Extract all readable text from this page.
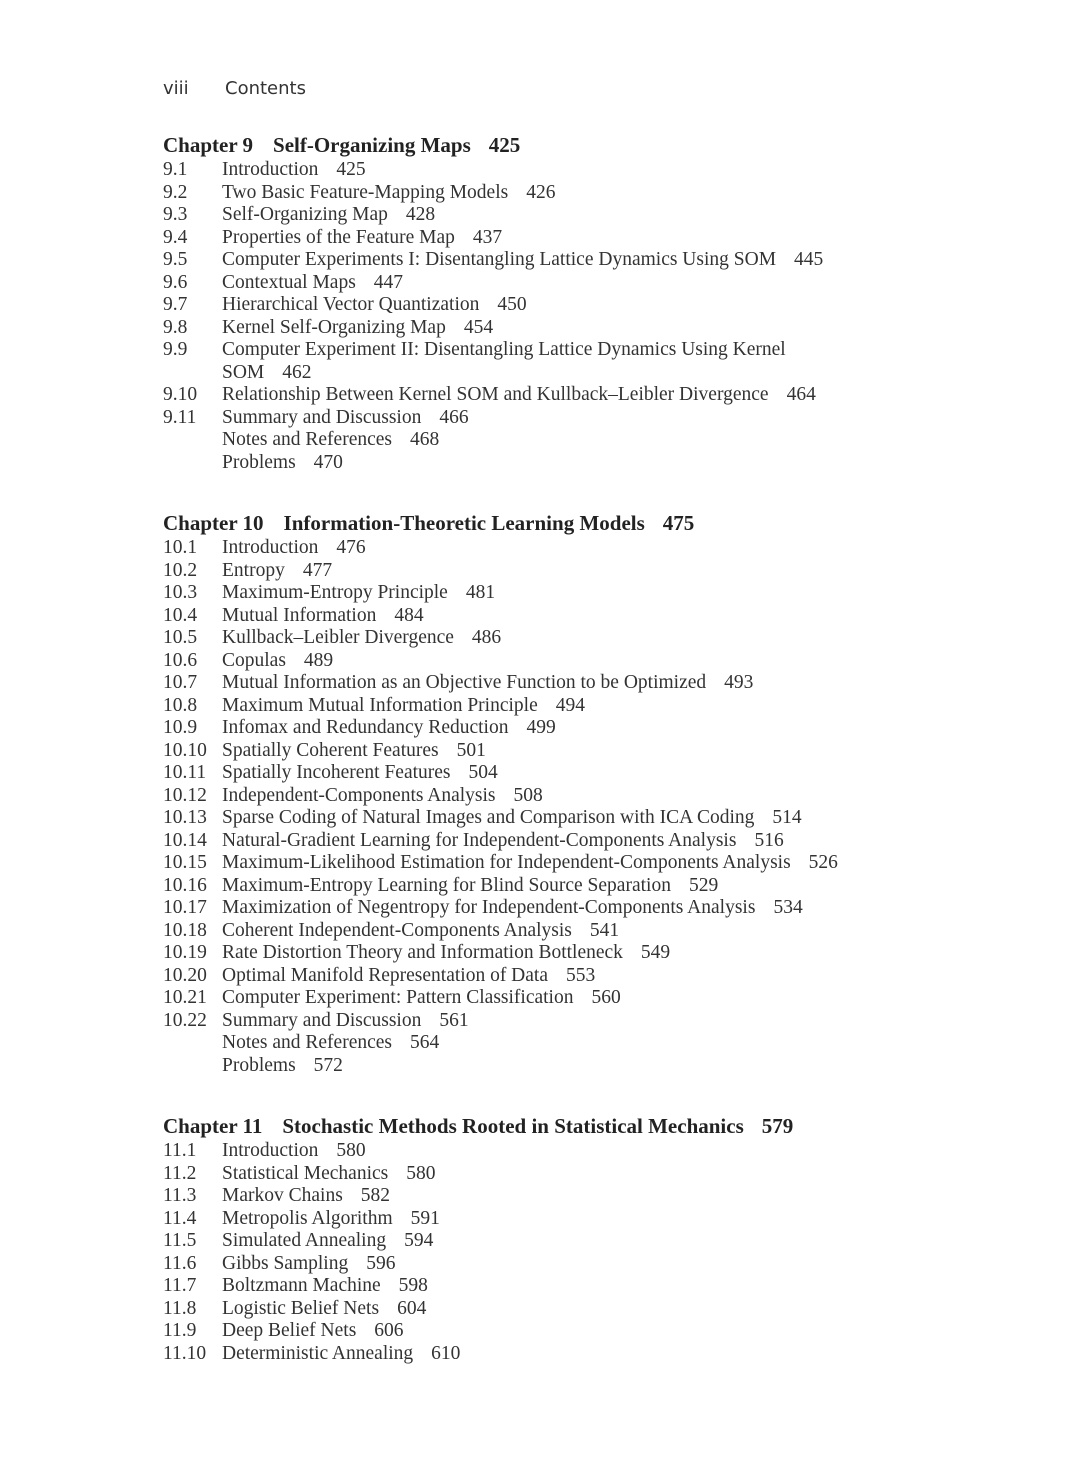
viii Contents
Chapter 9 Self-Organizing Maps 425
9.1	Introduction 425
9.2	Two Basic Feature-Mapping Models 426
9.3	Self-Organizing Map 428
9.4	Properties of the Feature Map 437
9.5	Computer Experiments I: Disentangling Lattice Dynamics Using SOM 445
9.6	Contextual Maps 447
9.7	Hierarchical Vector Quantization 450
9.8	Kernel Self-Organizing Map 454
9.9	Computer Experiment II: Disentangling Lattice Dynamics Using Kernel SOM 462
9.10	Relationship Between Kernel SOM and Kullback–Leibler Divergence 464
9.11	Summary and Discussion 466
Notes and References 468
Problems 470
Chapter 10 Information-Theoretic Learning Models 475
10.1	Introduction 476
10.2	Entropy 477
10.3	Maximum-Entropy Principle 481
10.4	Mutual Information 484
10.5	Kullback–Leibler Divergence 486
10.6	Copulas 489
10.7	Mutual Information as an Objective Function to be Optimized 493
10.8	Maximum Mutual Information Principle 494
10.9	Infomax and Redundancy Reduction 499
10.10 Spatially Coherent Features 501
10.11 Spatially Incoherent Features 504
10.12 Independent-Components Analysis 508
10.13 Sparse Coding of Natural Images and Comparison with ICA Coding 514
10.14 Natural-Gradient Learning for Independent-Components Analysis 516
10.15 Maximum-Likelihood Estimation for Independent-Components Analysis 526
10.16 Maximum-Entropy Learning for Blind Source Separation 529
10.17 Maximization of Negentropy for Independent-Components Analysis 534
10.18 Coherent Independent-Components Analysis 541
10.19 Rate Distortion Theory and Information Bottleneck 549
10.20 Optimal Manifold Representation of Data 553
10.21 Computer Experiment: Pattern Classification 560
10.22 Summary and Discussion 561
Notes and References 564
Problems 572
Chapter 11 Stochastic Methods Rooted in Statistical Mechanics 579
11.1	Introduction 580
11.2	Statistical Mechanics 580
11.3	Markov Chains 582
11.4	Metropolis Algorithm 591
11.5	Simulated Annealing 594
11.6	Gibbs Sampling 596
11.7	Boltzmann Machine 598
11.8	Logistic Belief Nets 604
11.9	Deep Belief Nets 606
11.10 Deterministic Annealing 610
